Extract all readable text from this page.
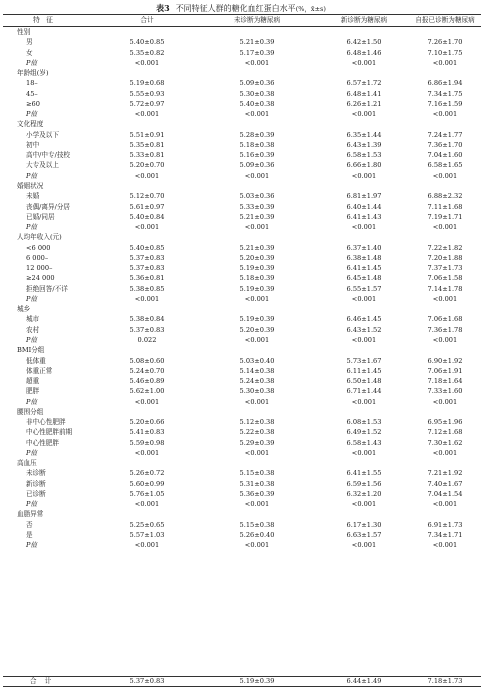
表3 不同特征人群的糖化血红蛋白水平(%，x̄±s)
特　征	合计	未诊断为糖尿病	新诊断为糖尿病	自报已诊断为糖尿病
性别
男	5.40±0.85	5.21±0.39	6.42±1.50	7.26±1.70
女	5.35±0.82	5.17±0.39	6.48±1.46	7.10±1.75
P值	<0.001	<0.001	<0.001	<0.001
年龄组(岁)
18–	5.19±0.68	5.09±0.36	6.57±1.72	6.86±1.94
45–	5.55±0.93	5.30±0.38	6.48±1.41	7.34±1.75
≥60	5.72±0.97	5.40±0.38	6.26±1.21	7.16±1.59
P值	<0.001	<0.001	<0.001	<0.001
文化程度
小学及以下	5.51±0.91	5.28±0.39	6.35±1.44	7.24±1.77
初中	5.35±0.81	5.18±0.38	6.43±1.39	7.36±1.70
高中/中专/技校	5.33±0.81	5.16±0.39	6.58±1.53	7.04±1.60
大专及以上	5.20±0.70	5.09±0.36	6.66±1.80	6.58±1.65
P值	<0.001	<0.001	<0.001	<0.001
婚姻状况
未婚	5.12±0.70	5.03±0.36	6.81±1.97	6.88±2.32
丧偶/离异/分居	5.61±0.97	5.33±0.39	6.40±1.44	7.11±1.68
已婚/同居	5.40±0.84	5.21±0.39	6.41±1.43	7.19±1.71
P值	<0.001	<0.001	<0.001	<0.001
人均年收入(元)
<6 000	5.40±0.85	5.21±0.39	6.37±1.40	7.22±1.82
6 000–	5.37±0.83	5.20±0.39	6.38±1.48	7.20±1.88
12 000–	5.37±0.83	5.19±0.39	6.41±1.45	7.37±1.73
≥24 000	5.36±0.81	5.18±0.39	6.45±1.48	7.06±1.58
拒绝回答/不详	5.38±0.85	5.19±0.39	6.55±1.57	7.14±1.78
P值	<0.001	<0.001	<0.001	<0.001
城乡
城市	5.38±0.84	5.19±0.39	6.46±1.45	7.06±1.68
农村	5.37±0.83	5.20±0.39	6.43±1.52	7.36±1.78
P值	0.022	<0.001	<0.001	<0.001
BMI分组
低体重	5.08±0.60	5.03±0.40	5.73±1.67	6.90±1.92
体重正常	5.24±0.70	5.14±0.38	6.11±1.45	7.06±1.91
超重	5.46±0.89	5.24±0.38	6.50±1.48	7.18±1.64
肥胖	5.62±1.00	5.30±0.38	6.71±1.44	7.33±1.60
P值	<0.001	<0.001	<0.001	<0.001
腰围分组
非中心性肥胖	5.20±0.66	5.12±0.38	6.08±1.53	6.95±1.96
中心性肥胖前期	5.41±0.83	5.22±0.38	6.49±1.52	7.12±1.68
中心性肥胖	5.59±0.98	5.29±0.39	6.58±1.43	7.30±1.62
P值	<0.001	<0.001	<0.001	<0.001
高血压
未诊断	5.26±0.72	5.15±0.38	6.41±1.55	7.21±1.92
新诊断	5.60±0.99	5.31±0.38	6.59±1.56	7.40±1.67
已诊断	5.76±1.05	5.36±0.39	6.32±1.20	7.04±1.54
P值	<0.001	<0.001	<0.001	<0.001
血脂异常
否	5.25±0.65	5.15±0.38	6.17±1.30	6.91±1.73
是	5.57±1.03	5.26±0.40	6.63±1.57	7.34±1.71
P值	<0.001	<0.001	<0.001	<0.001
合计	5.37±0.83	5.19±0.39	6.44±1.49	7.18±1.73
